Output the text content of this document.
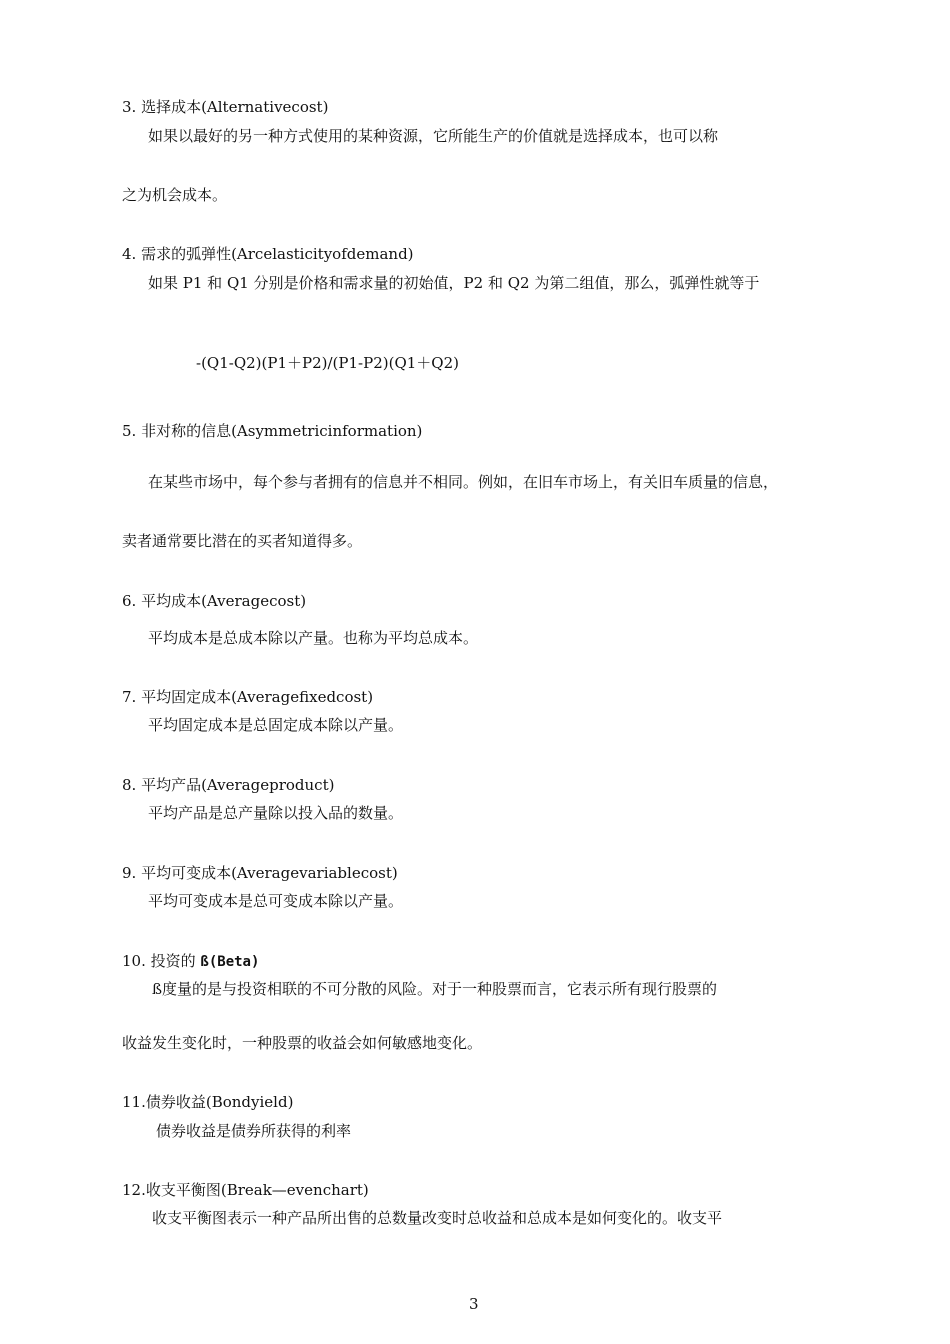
3. 选择成本(Alternativecost)
如果以最好的另一种方式使用的某种资源，它所能生产的价值就是选择成本，也可以称
之为机会成本。
4. 需求的弧弹性(Arcelasticityofdemand)
如果 P1 和 Q1 分别是价格和需求量的初始值，P2 和 Q2 为第二组值，那么，弧弹性就等于
-(Q1-Q2)(P1＋P2)/(P1-P2)(Q1＋Q2)
5. 非对称的信息(Asymmetricinformation)
在某些市场中，每个参与者拥有的信息并不相同。例如，在旧车市场上，有关旧车质量的信息，
卖者通常要比潜在的买者知道得多。
6. 平均成本(Averagecost)
平均成本是总成本除以产量。也称为平均总成本。
7. 平均固定成本(Averagefixedcost)
平均固定成本是总固定成本除以产量。
8. 平均产品(Averageproduct)
平均产品是总产量除以投入品的数量。
9. 平均可变成本(Averagevariablecost)
平均可变成本是总可变成本除以产量。
10. 投资的 ß(Beta)
ß度量的是与投资相联的不可分散的风险。对于一种股票而言，它表示所有现行股票的
收益发生变化时，一种股票的收益会如何敏感地变化。
11.债券收益(Bondyield)
债券收益是债券所获得的利率
12.收支平衡图(Break—evenchart)
收支平衡图表示一种产品所出售的总数量改变时总收益和总成本是如何变化的。收支平
3
